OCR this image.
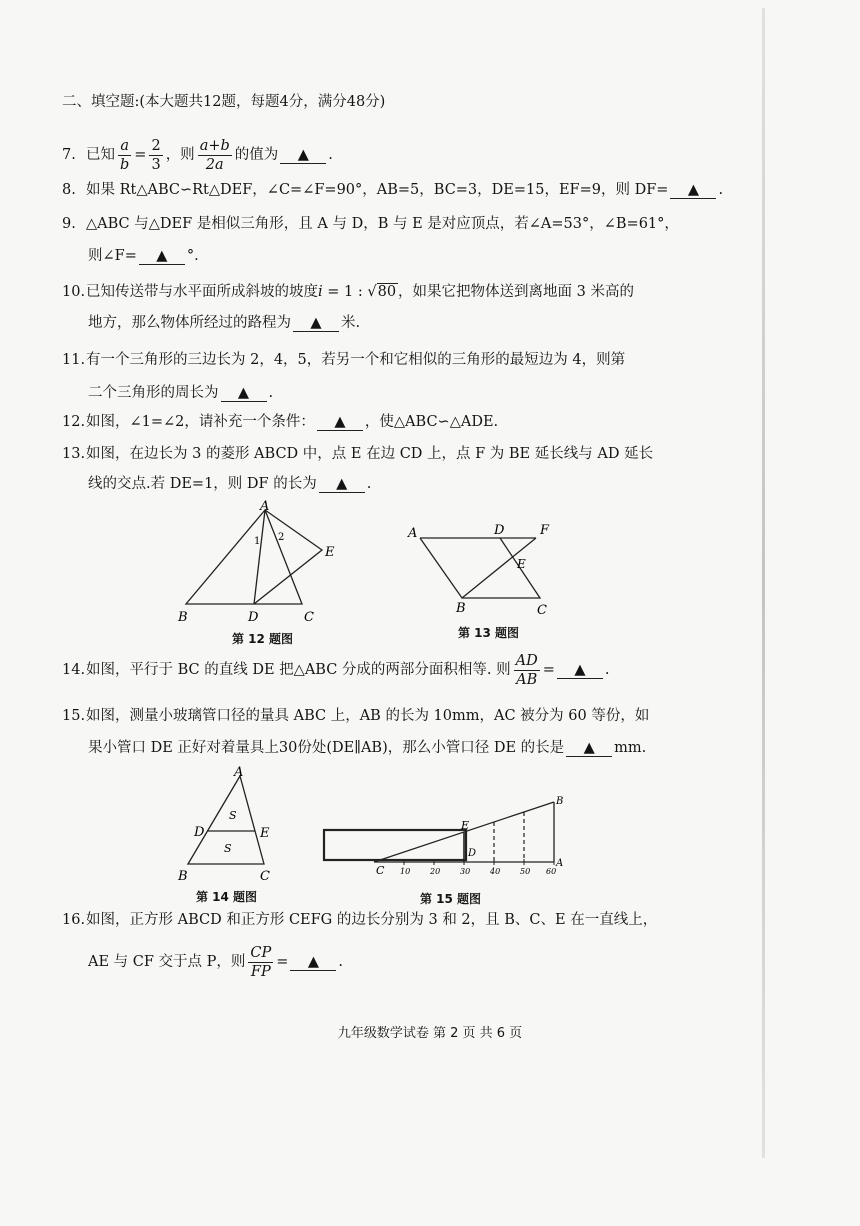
二、填空题:(本大题共12题，每题4分，满分48分)
7. 已知 $\frac{a}{b} = \frac{2}{3}$ ，则 $\frac{a+b}{2a}$ 的值为 ▲ .
8. 如果 Rt△ABC∽Rt△DEF，∠C=∠F=90°，AB=5，BC=3，DE=15，EF=9，则 DF= ▲ .
9. △ABC 与△DEF 是相似三角形，且 A 与 D，B 与 E 是对应顶点，若∠A=53°，∠B=61°，
则∠F= ▲ °.
10.已知传送带与水平面所成斜坡的坡度i = 1 : √80 ，如果它把物体送到离地面 3 米高的
地方，那么物体所经过的路程为 ▲ 米.
11.有一个三角形的三边长为 2，4，5，若另一个和它相似的三角形的最短边为 4，则第
二个三角形的周长为 ▲ .
12.如图，∠1=∠2，请补充一个条件： ▲ ，使△ABC∽△ADE.
13.如图，在边长为 3 的菱形 ABCD 中，点 E 在边 CD 上，点 F 为 BE 延长线与 AD 延长
线的交点.若 DE=1，则 DF 的长为 ▲ .
A
B	C
D
E
1 2
第 12 题图
A	D	F
E
B	C
第 13 题图
14.如图，平行于 BC 的直线 DE 把△ABC 分成的两部分面积相等. 则 $\frac{AD}{AB}$ = ▲ .
15.如图，测量小玻璃管口径的量具 ABC 上，AB 的长为 10mm，AC 被分为 60 等份，如
果小管口 DE 正好对着量具上30份处(DE∥AB)，那么小管口径 DE 的长是 ▲ mm.
A
B	C
D	E
S
S
第 14 题图
B
A
C
E
D
10 20 30 40 50 60
第 15 题图
16.如图，正方形 ABCD 和正方形 CEFG 的边长分别为 3 和 2，且 B、C、E 在一直线上，
AE 与 CF 交于点 P，则 $\frac{CP}{FP}$ = ▲ .
九年级数学试卷 第 2 页 共 6 页
